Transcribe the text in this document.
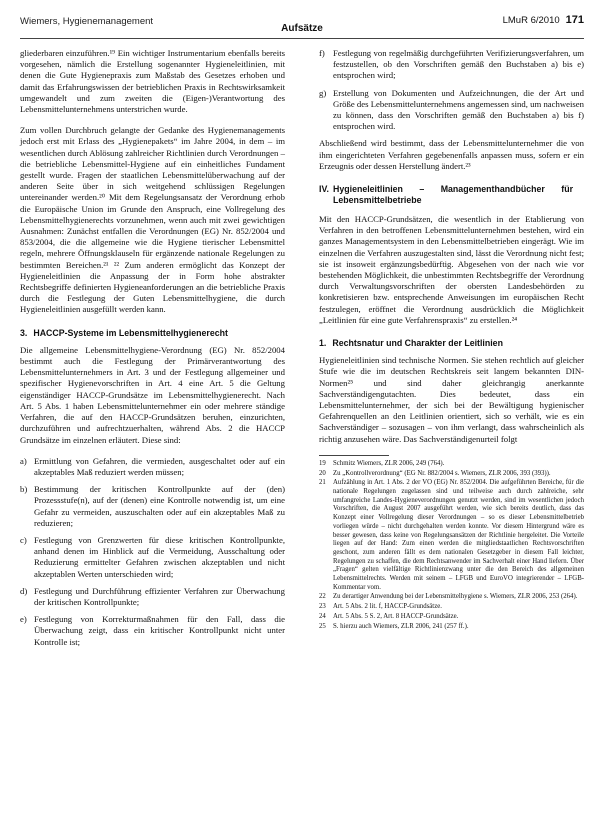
Wiemers, Hygienemanagement
Aufsätze
LMuR 6/2010 171

gliederbaren einzuführen.¹⁹ Ein wichtiger Instrumentarium ebenfalls bereits vorgesehen, nämlich die Erstellung sogenannter Hygieneleitlinien, mit denen die Gute Hygienepraxis zum Maßstab des Gesetzes erhoben und damit das Erfahrungswissen der betrieblichen Praxis in Rechtswirksamkeit umgewandelt und zum zweiten die (Eigen-)Verantwortung des Lebensmittelunternehmens unterstrichen wurde.

Zum vollen Durchbruch gelangte der Gedanke des Hygienemanagements jedoch erst mit Erlass des „Hygienepakets“ im Jahre 2004, in dem – im wesentlichen durch Ablösung zahlreicher Richtlinien durch Verordnungen – die betriebliche Lebensmittel-Hygiene auf ein einheitliches Fundament gestellt wurde. Fragen der staatlichen Lebensmittelüberwachung auf der anderen Seite über in sich weitgehend schlüssigen Regelungen untereinander werden.²⁰ Mit dem Regelungsansatz der Verordnung erhob die Europäische Union im Grunde den Anspruch, eine Vollregelung des Lebensmittelhygienerechts vorzunehmen, wenn auch mit zwei gewichtigen Ausnahmen: Zunächst entfallen die Verordnungen (EG) Nr. 852/2004 und 853/2004, die die allgemeine wie die Hygiene tierischer Lebensmittel regeln, mehrere Öffnungsklauseln für ergänzende nationale Regelungen zu bestimmten Bereichen.²¹ ²² Zum anderen ermöglicht das Konzept der Hygieneleitlinien die Anpassung der in Form hohe abstrakter Rechtsbegriffe definierten Hygieneanforderungen an die betriebliche Praxis durch die Festlegung der Guten Lebensmittelhygiene, die durch Hygieneleitlinien ausgefüllt werden kann.

3. HACCP-Systeme im Lebensmittelhygienerecht

Die allgemeine Lebensmittelhygiene-Verordnung (EG) Nr. 852/2004 bestimmt auch die Festlegung der Primärverantwortung des Lebensmittelunternehmers in Art. 3 und der Festlegung allgemeiner und spezifischer Hygienevorschriften in Art. 4 eine Art. 5 die Geltung eigenständiger HACCP-Grundsätze im Lebensmittelhygienerecht. Nach Art. 5 Abs. 1 haben Lebensmittelunternehmer ein oder mehrere ständige Verfahren, die auf den HACCP-Grundsätzen beruhen, einzurichten, durchzuführen und aufrechtzuerhalten, während Abs. 2 die HACCP Grundsätze im einzelnen erläutert. Diese sind:

a) Ermittlung von Gefahren, die vermieden, ausgeschaltet oder auf ein akzeptables Maß reduziert werden müssen;
b) Bestimmung der kritischen Kontrollpunkte auf der (den) Prozessstufe(n), auf der (denen) eine Kontrolle notwendig ist, um eine Gefahr zu vermeiden, auszuschalten oder auf ein akzeptables Maß zu reduzieren;
c) Festlegung von Grenzwerten für diese kritischen Kontrollpunkte, anhand denen im Hinblick auf die Vermeidung, Ausschaltung oder Reduzierung ermittelter Gefahren zwischen akzeptablen und nicht akzeptablen Werten unterschieden wird;
d) Festlegung und Durchführung effizienter Verfahren zur Überwachung der kritischen Kontrollpunkte;
e) Festlegung von Korrekturmaßnahmen für den Fall, dass die Überwachung zeigt, dass ein kritischer Kontrollpunkt nicht unter Kontrolle ist;
f) Festlegung von regelmäßig durchgeführten Verifizierungsverfahren, um festzustellen, ob den Vorschriften gemäß den Buchstaben a) bis e) entsprochen wird;
g) Erstellung von Dokumenten und Aufzeichnungen, die der Art und Größe des Lebensmittelunternehmens angemessen sind, um nachweisen zu können, dass den Vorschriften gemäß den Buchstaben a) bis f) entsprochen wird.

Abschließend wird bestimmt, dass der Lebensmittelunternehmer die von ihm eingerichteten Verfahren gegebenenfalls anpassen muss, sofern er ein Erzeugnis oder dessen Herstellung ändert.²³

IV. Hygieneleitlinien – Managementhandbücher für Lebensmittelbetriebe

Mit den HACCP-Grundsätzen, die wesentlich in der Etablierung von Verfahren in den betroffenen Lebensmittelunternehmen bestehen, wird ein ganzes Managementsystem in den Lebensmittelbetrieben eingerägt. Wie im einzelnen die Verfahren auszugestalten sind, lässt die Verordnung nicht fest; sie ist insoweit ergänzungsbedürftig. Abgesehen von der nach wie vor bestehenden Möglichkeit, die unbestimmten Rechtsbegriffe der Verordnung durch Verwaltungsvorschriften der obersten Landesbehörden zu konkretisieren bzw. entsprechende Anweisungen im europäischen Recht festzulegen, eröffnet die Verordnung ausdrücklich die Möglichkeit „Leitlinien für eine gute Verfahrenspraxis“ zu erstellen.²⁴

1. Rechtsnatur und Charakter der Leitlinien

Hygieneleitlinien sind technische Normen. Sie stehen rechtlich auf gleicher Stufe wie die im deutschen Rechtskreis seit langem bekannten DIN-Normen²⁵ und sind daher gleichrangig anerkannte Sachverständigengutachten. Dies bedeutet, dass ein Lebensmittelunternehmer, der sich bei der Bewältigung hygienischer Gefahrenquellen an den Leitlinien orientiert, sich so verhält, wie es ein Sachverständiger – sozusagen – von ihm verlangt, dass wahrscheinlich als richtig anzusehen wäre. Das Sachverständigenurteil folgt

19 Schmitz Wiemers, ZLR 2006, 249 (764).
20 Zu „Kontrollverordnung“ (EG Nr. 882/2004 s. Wiemers, ZLR 2006, 393 (393)).
21 Aufzählung in Art. 1 Abs. 2 der VO (EG) Nr. 852/2004. Die aufgeführten Bereiche, für die nationale Regelungen zugelassen sind und teilweise auch durch zahlreiche, sehr umfangreiche Landes-Hygieneverordnungen genutzt werden, sind im wesentlichen jedoch Vorschriften, die August 2007 ausgeführt werden, wie sich bereits deutlich, dass das Konzept einer Vollregelung dieser Verordnungen – so es dieser Lebensmittelbetrieb vorliegen würde – nicht durchgehalten werden konnte. Vor diesem Hintergrund wäre es besser gewesen, dass keine von Regelungsansätzen der Richtlinie hergeleitet. Die Vorteile liegen auf der Hand: Zum einen werden die mitgliedstaatlichen Rechtsvorschriften geschont, zum anderen fällt es dem nationalen Gesetzgeber in diesem Fall leichter, Regelungen zu schaffen, die dem Rechtsanwender im Sachverhalt einer Hand liefern. Über „Fragen“ gelten vielfältige Richtlinienzwang unter die den Bereich des allgemeinen Lebensmittelrechts. Werden mit seinem – LFGB und EuroVO integrierender – LFGB-Kommentar vom.
22 Zu derartiger Anwendung bei der Lebensmittelhygiene s. Wiemers, ZLR 2006, 253 (264).
23 Art. 5 Abs. 2 lit. f, HACCP-Grundsätze.
24 Art. 5 Abs. 5 S. 2, Art. 8 HACCP-Grundsätze.
25 S. hierzu auch Wiemers, ZLR 2006, 241 (257 ff.).
